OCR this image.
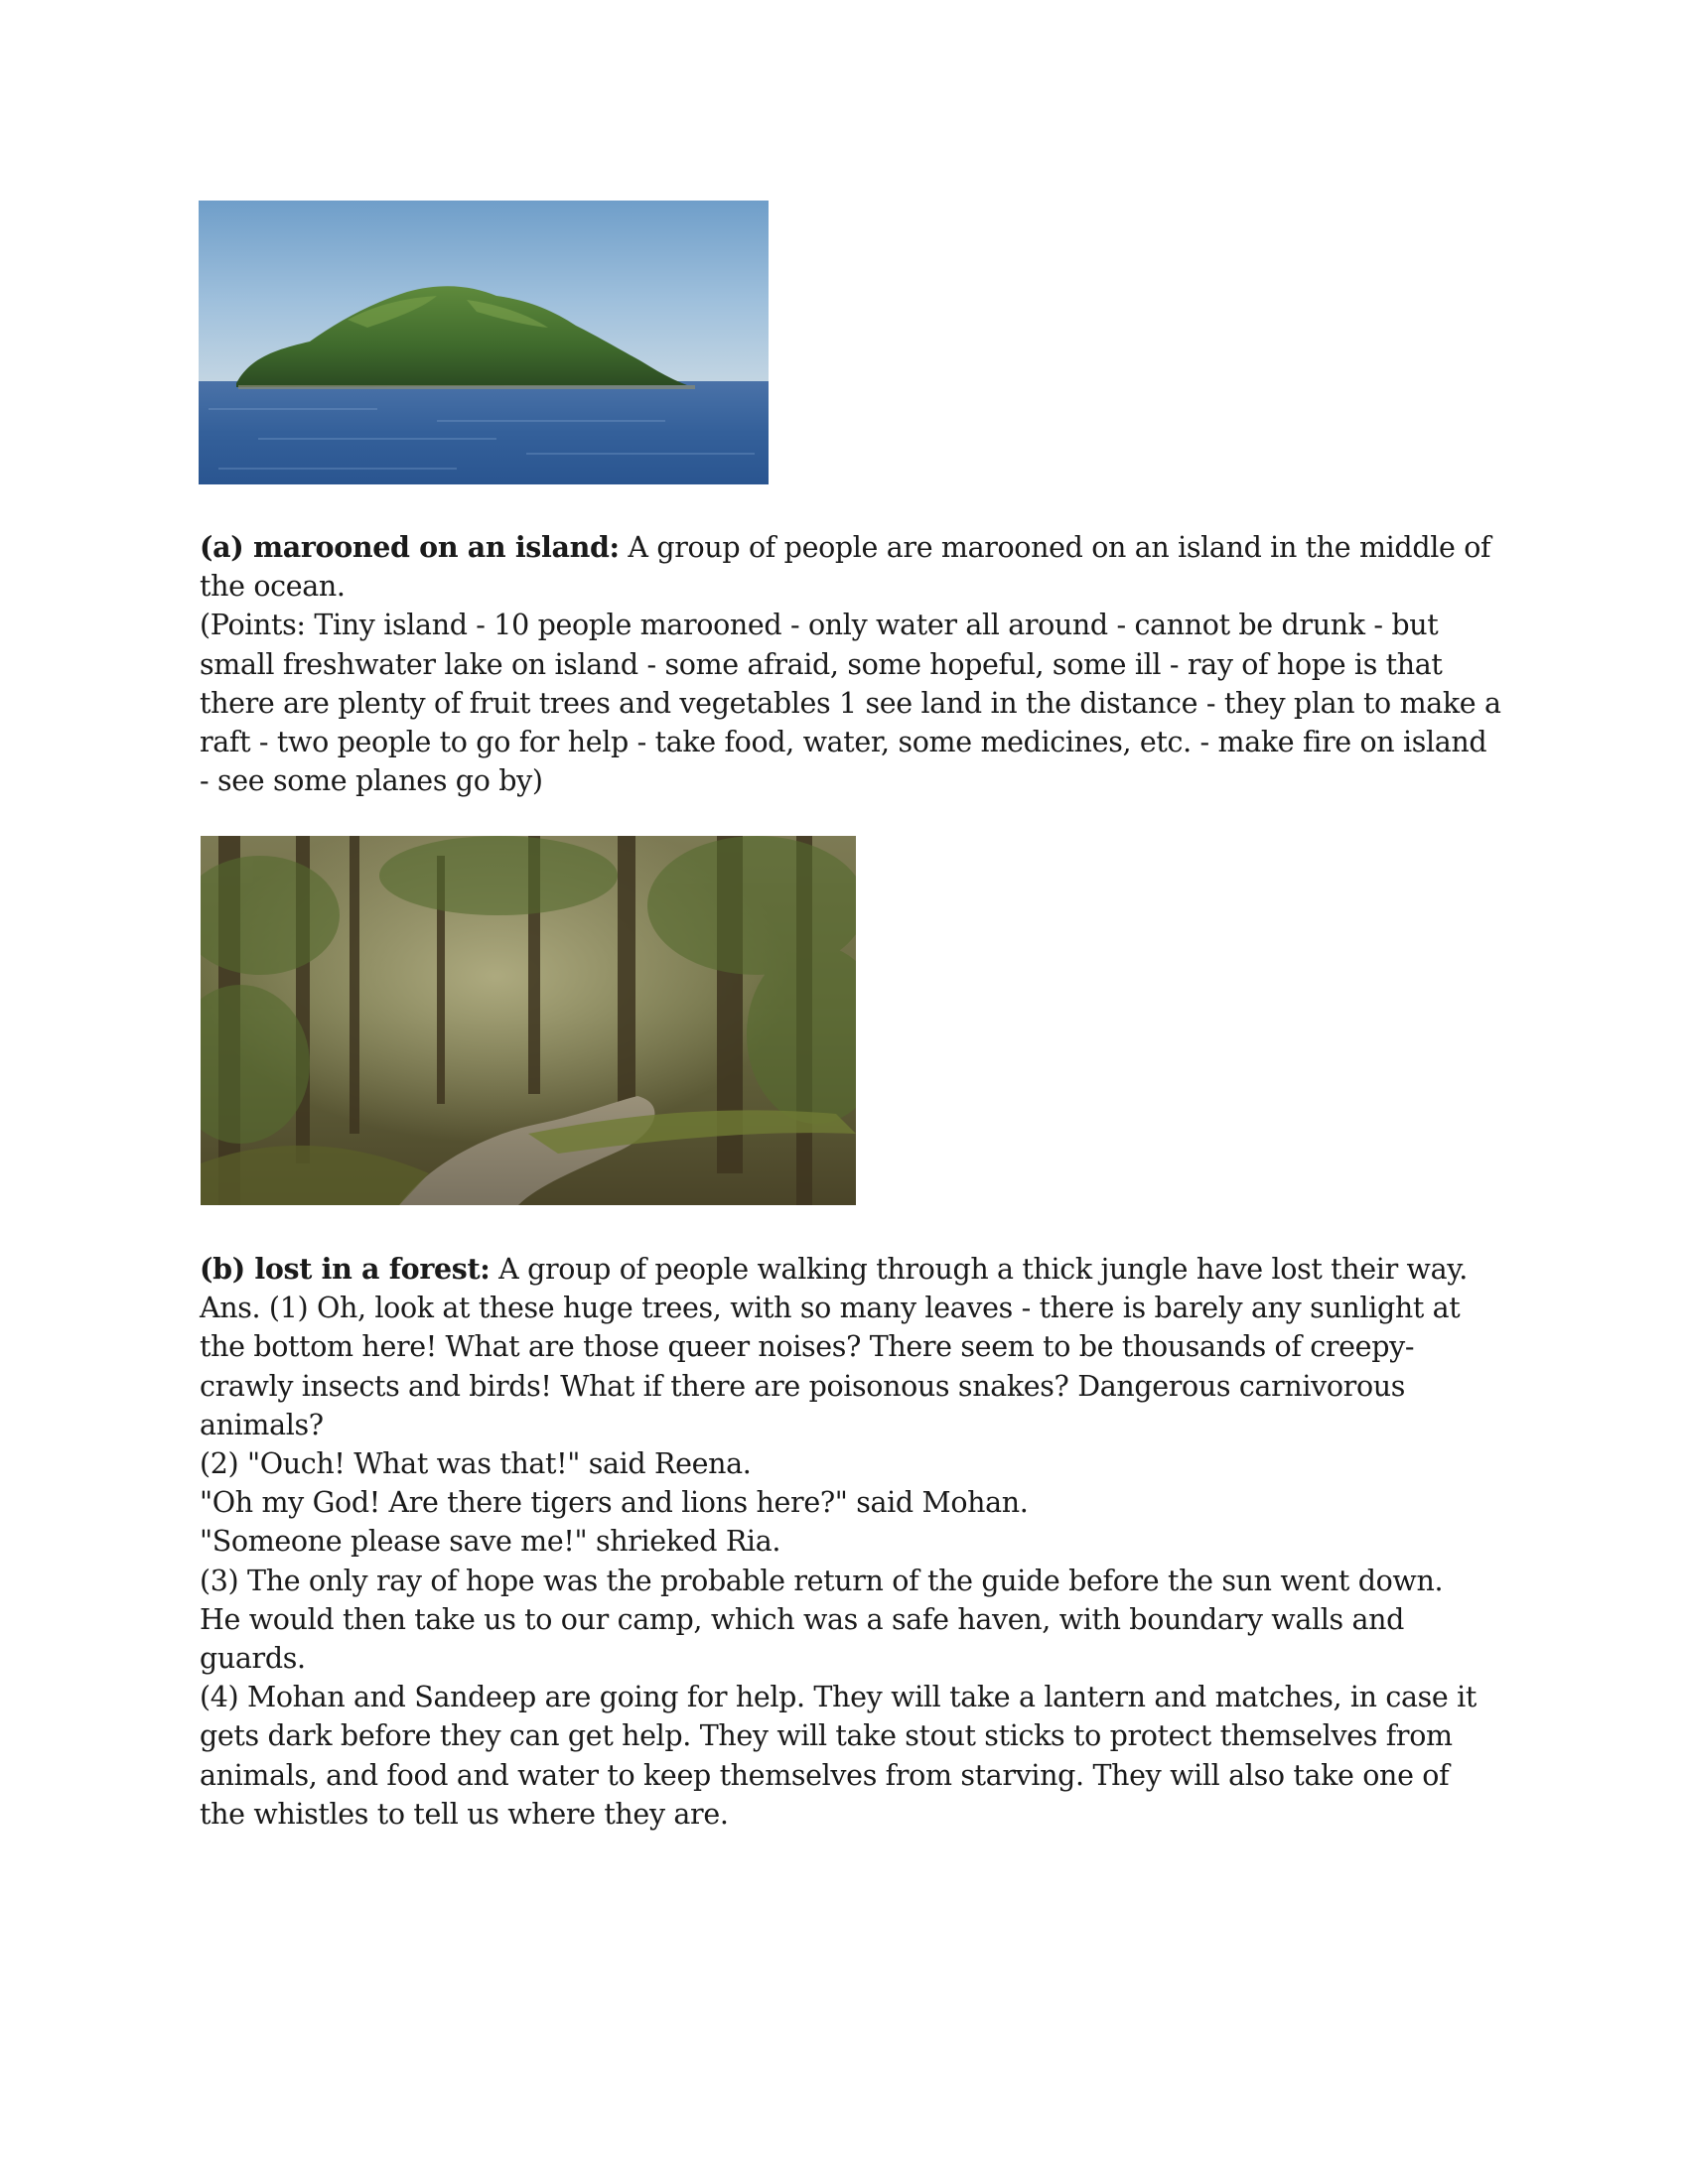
(a) marooned on an island: A group of people are marooned on an island in the middle of

the ocean.

(Points: Tiny island - 10 people marooned - only water all around - cannot be drunk - but

small freshwater lake on island - some afraid, some hopeful, some ill - ray of hope is that

there are plenty of fruit trees and vegetables 1 see land in the distance - they plan to make a

raft - two people to go for help - take food, water, some medicines, etc. - make fire on island

- see some planes go by)

(b) lost in a forest: A group of people walking through a thick jungle have lost their way.

Ans. (1) Oh, look at these huge trees, with so many leaves - there is barely any sunlight at

the bottom here! What are those queer noises? There seem to be thousands of creepy-

crawly insects and birds! What if there are poisonous snakes? Dangerous carnivorous

animals?

(2) "Ouch! What was that!" said Reena.

"Oh my God! Are there tigers and lions here?" said Mohan.

"Someone please save me!" shrieked Ria.

(3) The only ray of hope was the probable return of the guide before the sun went down.

He would then take us to our camp, which was a safe haven, with boundary walls and

guards.

(4) Mohan and Sandeep are going for help. They will take a lantern and matches, in case it

gets dark before they can get help. They will take stout sticks to protect themselves from

animals, and food and water to keep themselves from starving. They will also take one of

the whistles to tell us where they are.
